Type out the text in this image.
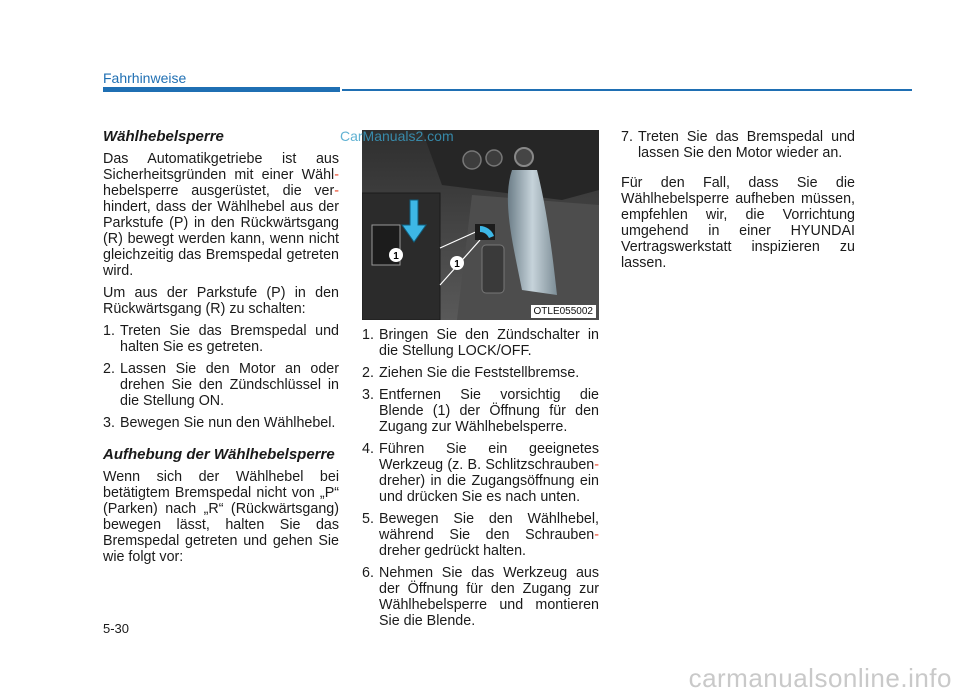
Fahrhinweise
Wählhebelsperre

Das Automatikgetriebe ist aus Sicherheitsgründen mit einer Wähl- hebelsperre ausgerüstet, die ver- hindert, dass der Wählhebel aus der Parkstufe (P) in den Rückwärtsgang (R) bewegt werden kann, wenn nicht gleichzeitig das Bremspedal getreten wird.

Um aus der Parkstufe (P) in den Rückwärtsgang (R) zu schalten:

1. Treten Sie das Bremspedal und halten Sie es getreten.
2. Lassen Sie den Motor an oder drehen Sie den Zündschlüssel in die Stellung ON.
3. Bewegen Sie nun den Wählhebel.
Aufhebung der Wählhebelsperre

Wenn sich der Wählhebel bei betätigtem Bremspedal nicht von „P“ (Parken) nach „R“ (Rückwärtsgang) bewegen lässt, halten Sie das Bremspedal getreten und gehen Sie wie folgt vor:

1
1
OTLE055002
CarManuals2.com
1. Bringen Sie den Zündschalter in die Stellung LOCK/OFF.
2. Ziehen Sie die Feststellbremse.
3. Entfernen Sie vorsichtig die Blende (1) der Öffnung für den Zugang zur Wählhebelsperre.
4. Führen Sie ein geeignetes Werkzeug (z. B. Schlitzschrauben- dreher) in die Zugangsöffnung ein und drücken Sie es nach unten.
5. Bewegen Sie den Wählhebel, während Sie den Schrauben- dreher gedrückt halten.
6. Nehmen Sie das Werkzeug aus der Öffnung für den Zugang zur Wählhebelsperre und montieren Sie die Blende.
7. Treten Sie das Bremspedal und lassen Sie den Motor wieder an.

Für den Fall, dass Sie die Wählhebelsperre aufheben müssen, empfehlen wir, die Vorrichtung umgehend in einer HYUNDAI Vertragswerkstatt inspizieren zu lassen.

5-30
carmanualsonline.info
